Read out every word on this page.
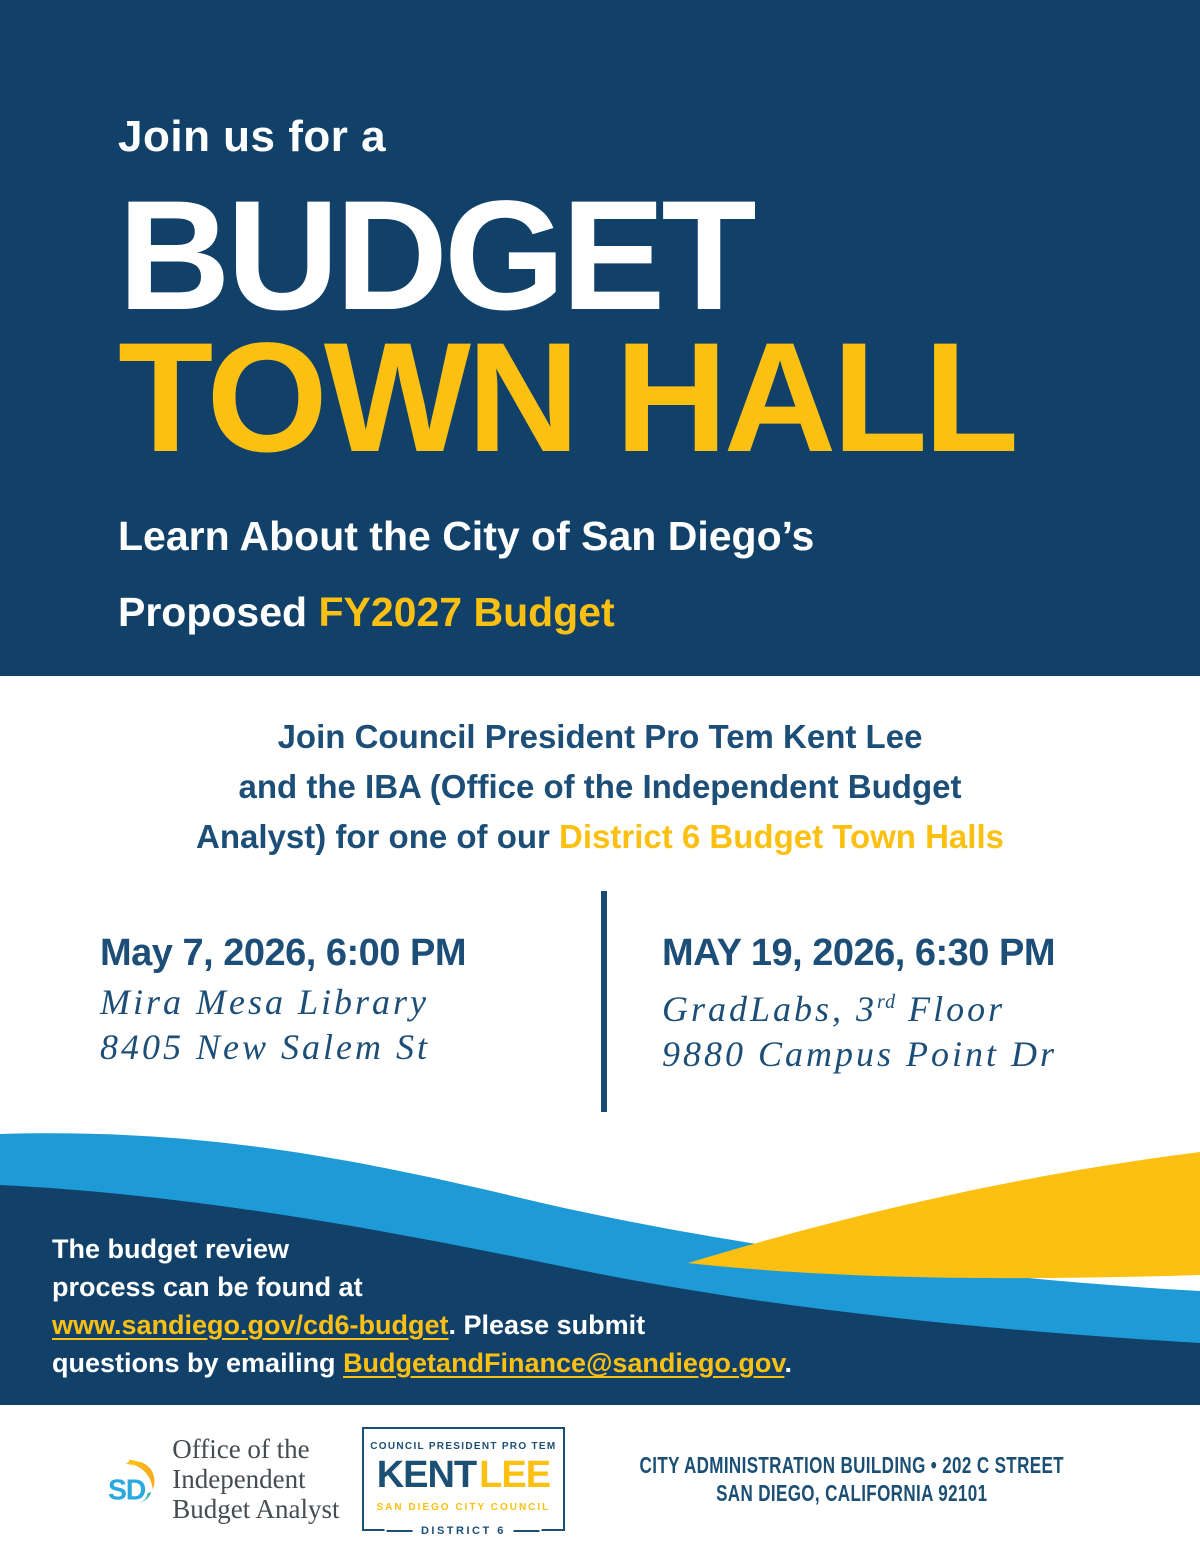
Join us for a
BUDGET
TOWN HALL
Learn About the City of San Diego’s
Proposed FY2027 Budget
Join Council President Pro Tem Kent Lee
and the IBA (Office of the Independent Budget
Analyst) for one of our District 6 Budget Town Halls
May 7, 2026, 6:00 PM
Mira Mesa Library
8405 New Salem St
MAY 19, 2026, 6:30 PM
GradLabs, 3rd Floor
9880 Campus Point Dr
The budget review
process can be found at
www.sandiego.gov/cd6-budget. Please submit
questions by emailing BudgetandFinance@sandiego.gov.
SD
Office of the
Independent Budget Analyst
COUNCIL PRESIDENT PRO TEM
KENTLEE
SAN DIEGO CITY COUNCIL
DISTRICT 6
CITY ADMINISTRATION BUILDING • 202 C STREET
SAN DIEGO, CALIFORNIA 92101
